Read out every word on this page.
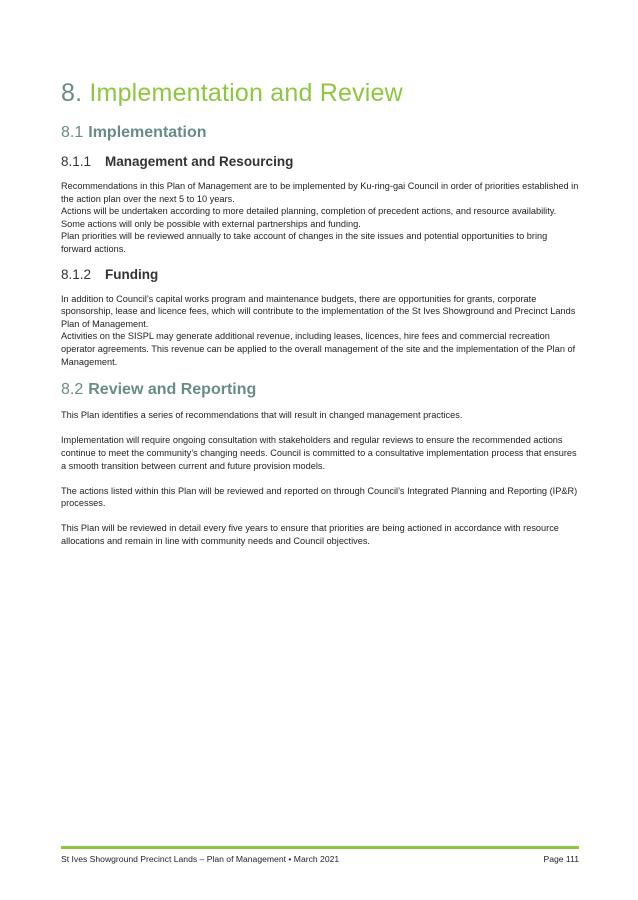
8. Implementation and Review
8.1 Implementation
8.1.1 Management and Resourcing

Recommendations in this Plan of Management are to be implemented by Ku-ring-gai Council in order of priorities established in the action plan over the next 5 to 10 years.

Actions will be undertaken according to more detailed planning, completion of precedent actions, and resource availability. Some actions will only be possible with external partnerships and funding.

Plan priorities will be reviewed annually to take account of changes in the site issues and potential opportunities to bring forward actions.

8.1.2 Funding

In addition to Council’s capital works program and maintenance budgets, there are opportunities for grants, corporate sponsorship, lease and licence fees, which will contribute to the implementation of the St Ives Showground and Precinct Lands Plan of Management.

Activities on the SISPL may generate additional revenue, including leases, licences, hire fees and commercial recreation operator agreements. This revenue can be applied to the overall management of the site and the implementation of the Plan of Management.

8.2 Review and Reporting

This Plan identifies a series of recommendations that will result in changed management practices.

Implementation will require ongoing consultation with stakeholders and regular reviews to ensure the recommended actions continue to meet the community’s changing needs. Council is committed to a consultative implementation process that ensures a smooth transition between current and future provision models.

The actions listed within this Plan will be reviewed and reported on through Council’s Integrated Planning and Reporting (IP&R) processes.

This Plan will be reviewed in detail every five years to ensure that priorities are being actioned in accordance with resource allocations and remain in line with community needs and Council objectives.

St Ives Showground Precinct Lands – Plan of Management • March 2021	Page 111
